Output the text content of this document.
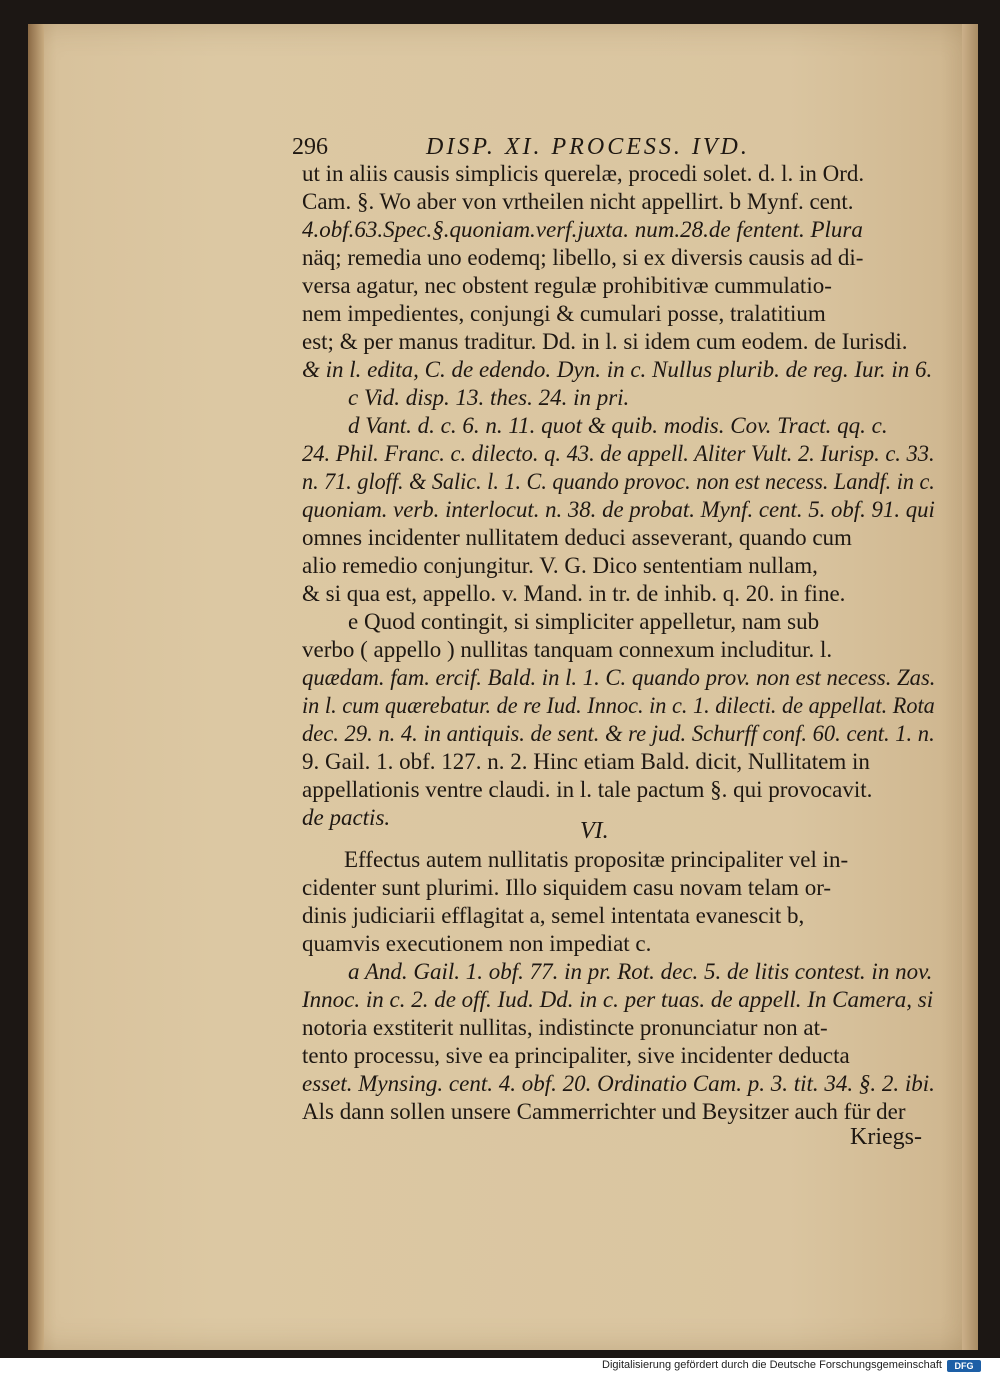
296	DISP. XI. PROCESS. IVD.
ut in aliis causis simplicis querelæ, procedi solet. d. l. in Ord.
Cam. §. Wo aber von vrtheilen nicht appellirt. b Mynf. cent.
4.obf.63.Spec.§.quoniam.verf.juxta. num.28.de fentent. Plura
näq; remedia uno eodemq; libello, si ex diversis causis ad di-
versa agatur, nec obstent regulæ prohibitivæ cummulatio-
nem impedientes, conjungi & cumulari posse, tralatitium
est; & per manus traditur. Dd. in l. si idem cum eodem. de Iurisdi.
& in l. edita, C. de edendo. Dyn. in c. Nullus plurib. de reg. Iur. in 6.
c Vid. disp. 13. thes. 24. in pri.
d Vant. d. c. 6. n. 11. quot & quib. modis. Cov. Tract. qq. c.
24. Phil. Franc. c. dilecto. q. 43. de appell. Aliter Vult. 2. Iurisp. c. 33.
n. 71. gloff. & Salic. l. 1. C. quando provoc. non est necess. Landf. in c.
quoniam. verb. interlocut. n. 38. de probat. Mynf. cent. 5. obf. 91. qui
omnes incidenter nullitatem deduci asseverant, quando cum
alio remedio conjungitur. V. G. Dico sententiam nullam,
& si qua est, appello. v. Mand. in tr. de inhib. q. 20. in fine.
e Quod contingit, si simpliciter appelletur, nam sub
verbo ( appello ) nullitas tanquam connexum includitur. l.
quædam. fam. ercif. Bald. in l. 1. C. quando prov. non est necess. Zas.
in l. cum quærebatur. de re Iud. Innoc. in c. 1. dilecti. de appellat. Rota
dec. 29. n. 4. in antiquis. de sent. & re jud. Schurff conf. 60. cent. 1. n.
9. Gail. 1. obf. 127. n. 2. Hinc etiam Bald. dicit, Nullitatem in
appellationis ventre claudi. in l. tale pactum §. qui provocavit.
de pactis.
Effectus autem nullitatis propositæ principaliter vel in-
cidenter sunt plurimi. Illo siquidem casu novam telam or-
dinis judiciarii efflagitat a, semel intentata evanescit b,
quamvis executionem non impediat c.
a And. Gail. 1. obf. 77. in pr. Rot. dec. 5. de litis contest. in nov.
Innoc. in c. 2. de off. Iud. Dd. in c. per tuas. de appell. In Camera, si
notoria exstiterit nullitas, indistincte pronunciatur non at-
tento processu, sive ea principaliter, sive incidenter deducta
esset. Mynsing. cent. 4. obf. 20. Ordinatio Cam. p. 3. tit. 34. §. 2. ibi.
Als dann sollen unsere Cammerrichter und Beysitzer auch für der
VI.
Kriegs-
Digitalisierung gefördert durch die Deutsche Forschungsgemeinschaft	DFG
